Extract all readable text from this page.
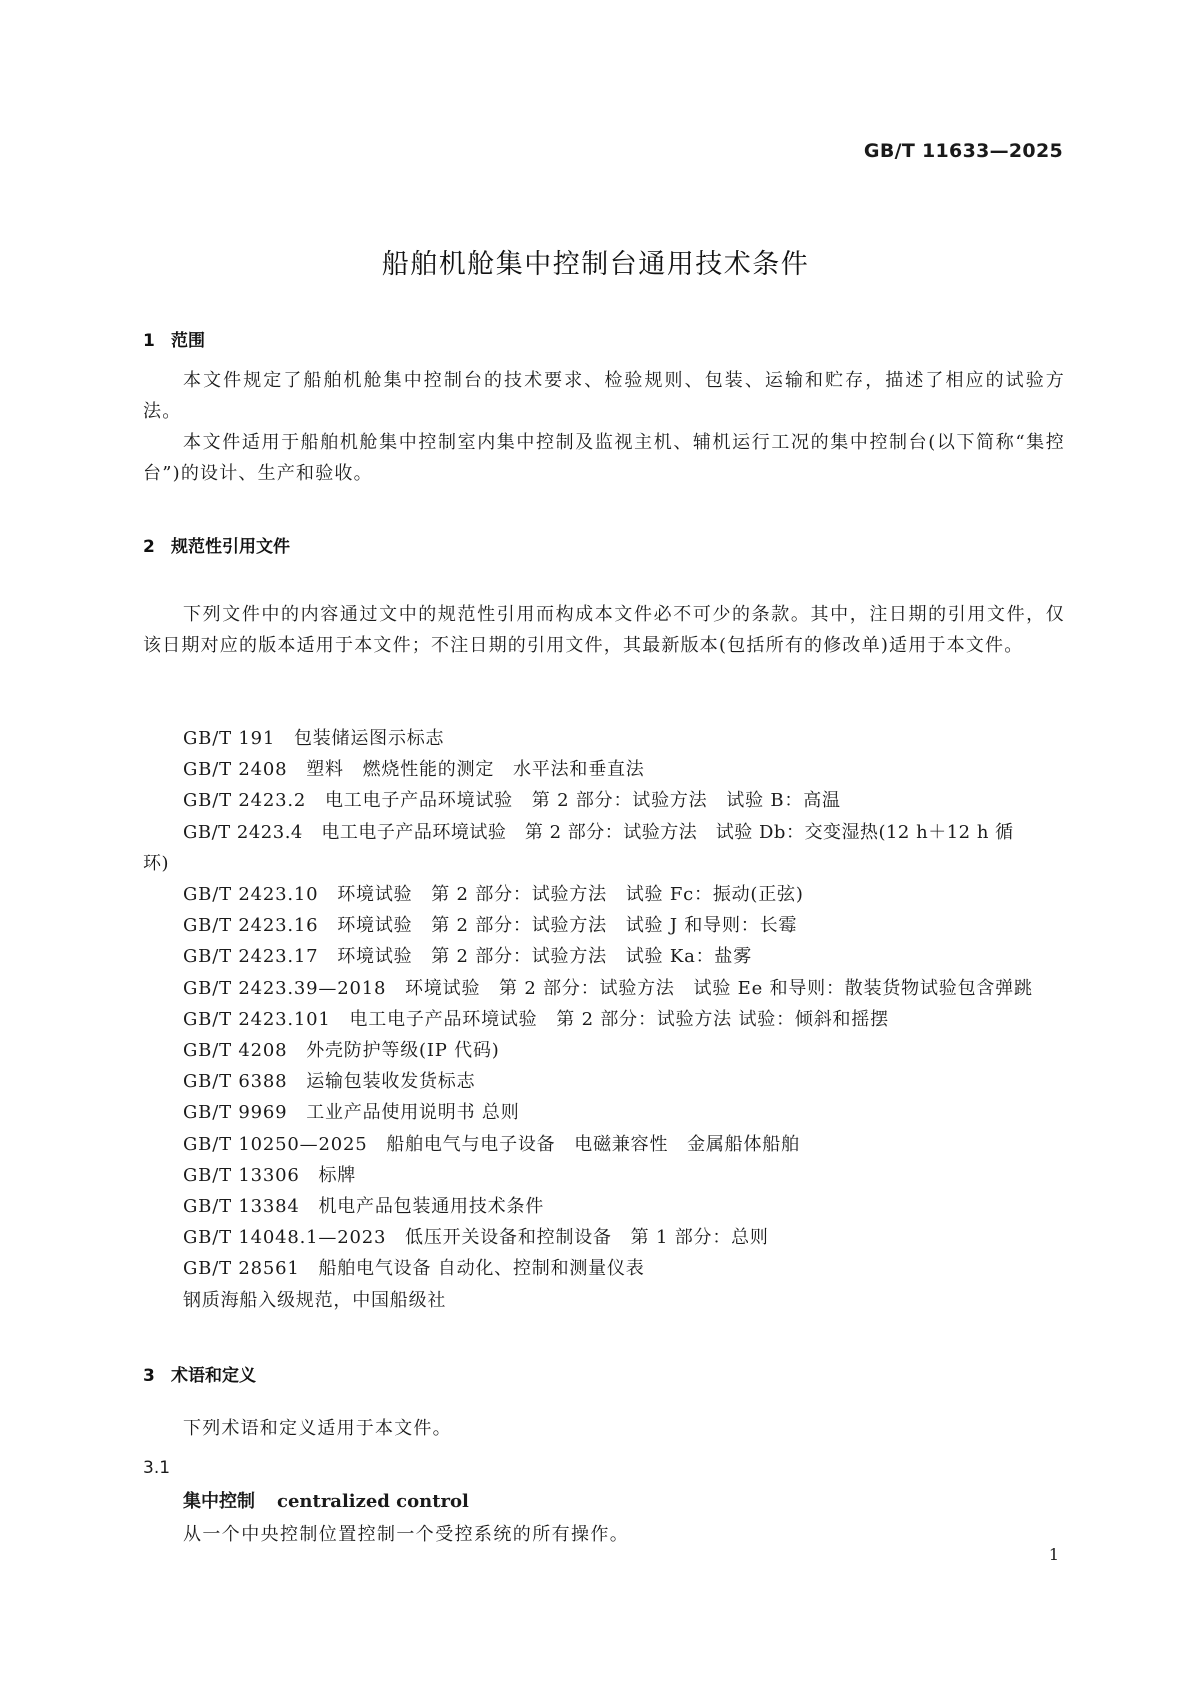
GB/T 11633—2025
船舶机舱集中控制台通用技术条件
1 范围

本文件规定了船舶机舱集中控制台的技术要求、检验规则、包装、运输和贮存，描述了相应的试验方法。

本文件适用于船舶机舱集中控制室内集中控制及监视主机、辅机运行工况的集中控制台(以下简称“集控台”)的设计、生产和验收。

2 规范性引用文件

下列文件中的内容通过文中的规范性引用而构成本文件必不可少的条款。其中，注日期的引用文件，仅该日期对应的版本适用于本文件；不注日期的引用文件，其最新版本(包括所有的修改单)适用于本文件。

GB/T 191　包装储运图示标志
GB/T 2408　塑料　燃烧性能的测定　水平法和垂直法
GB/T 2423.2　电工电子产品环境试验　第 2 部分：试验方法　试验 B：高温
GB/T 2423.4　电工电子产品环境试验　第 2 部分：试验方法　试验 Db：交变湿热(12 h＋12 h 循
环)
GB/T 2423.10　环境试验　第 2 部分：试验方法　试验 Fc：振动(正弦)
GB/T 2423.16　环境试验　第 2 部分：试验方法　试验 J 和导则：长霉
GB/T 2423.17　环境试验　第 2 部分：试验方法　试验 Ka：盐雾
GB/T 2423.39—2018　环境试验　第 2 部分：试验方法　试验 Ee 和导则：散装货物试验包含弹跳
GB/T 2423.101　电工电子产品环境试验　第 2 部分：试验方法 试验：倾斜和摇摆
GB/T 4208　外壳防护等级(IP 代码)
GB/T 6388　运输包装收发货标志
GB/T 9969　工业产品使用说明书 总则
GB/T 10250—2025　船舶电气与电子设备　电磁兼容性　金属船体船舶
GB/T 13306　标牌
GB/T 13384　机电产品包装通用技术条件
GB/T 14048.1—2023　低压开关设备和控制设备　第 1 部分：总则
GB/T 28561　船舶电气设备 自动化、控制和测量仪表
钢质海船入级规范，中国船级社
3 术语和定义

下列术语和定义适用于本文件。

3.1
集中控制 centralized control
从一个中央控制位置控制一个受控系统的所有操作。
1
